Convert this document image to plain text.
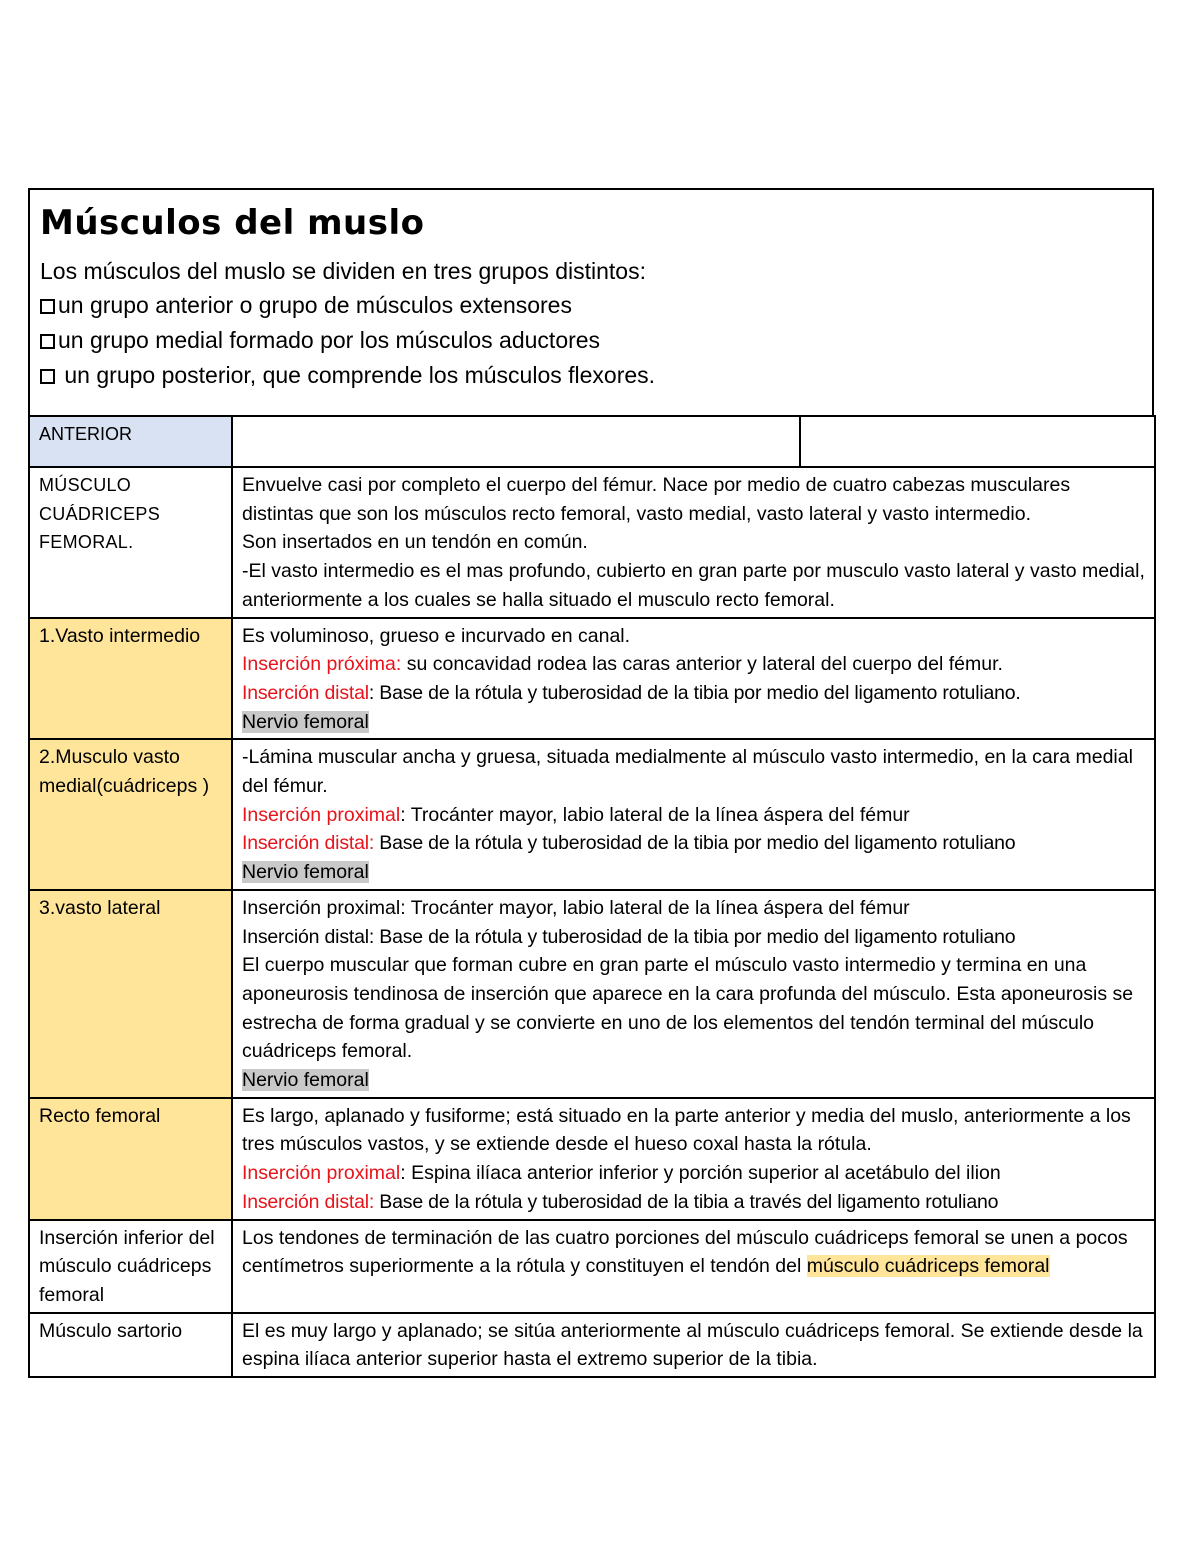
Músculos del muslo

Los músculos del muslo se dividen en tres grupos distintos:

un grupo anterior o grupo de músculos extensores

un grupo medial formado por los músculos aductores

un grupo posterior, que comprende los músculos flexores.

ANTERIOR		
MÚSCULO CUÁDRICEPS FEMORAL.	Envuelve casi por completo el cuerpo del fémur. Nace por medio de cuatro cabezas musculares distintas que son los músculos recto femoral, vasto medial, vasto lateral y vasto intermedio.
Son insertados en un tendón en común.
-El vasto intermedio es el mas profundo, cubierto en gran parte por musculo vasto lateral y vasto medial, anteriormente a los cuales se halla situado el musculo recto femoral.	

1.Vasto intermedio	Es voluminoso, grueso e incurvado en canal.
Inserción próxima: su concavidad rodea las caras anterior y lateral del cuerpo del fémur.
Inserción distal: Base de la rótula y tuberosidad de la tibia por medio del ligamento rotuliano.
Nervio femoral	

2.Musculo vasto medial(cuádriceps )	-Lámina muscular ancha y gruesa, situada medialmente al músculo vasto intermedio, en la cara medial del fémur.
Inserción proximal: Trocánter mayor, labio lateral de la línea áspera del fémur
Inserción distal: Base de la rótula y tuberosidad de la tibia por medio del ligamento rotuliano
Nervio femoral	

3.vasto lateral	Inserción proximal: Trocánter mayor, labio lateral de la línea áspera del fémur
Inserción distal: Base de la rótula y tuberosidad de la tibia por medio del ligamento rotuliano
El cuerpo muscular que forman cubre en gran parte el músculo vasto intermedio y termina en una aponeurosis tendinosa de inserción que aparece en la cara profunda del músculo. Esta aponeurosis se estrecha de forma gradual y se convierte en uno de los elementos del tendón terminal del músculo cuádriceps femoral.
Nervio femoral	

Recto femoral	Es largo, aplanado y fusiforme; está situado en la parte anterior y media del muslo, anteriormente a los tres músculos vastos, y se extiende desde el hueso coxal hasta la rótula.
Inserción proximal: Espina ilíaca anterior inferior y porción superior al acetábulo del ilion
Inserción distal: Base de la rótula y tuberosidad de la tibia a través del ligamento rotuliano	

Inserción inferior del músculo cuádriceps femoral	Los tendones de terminación de las cuatro porciones del músculo cuádriceps femoral se unen a pocos centímetros superiormente a la rótula y constituyen el tendón del músculo cuádriceps femoral	
Músculo sartorio	El es muy largo y aplanado; se sitúa anteriormente al músculo cuádriceps femoral. Se extiende desde la espina ilíaca anterior superior hasta el extremo superior de la tibia.	
